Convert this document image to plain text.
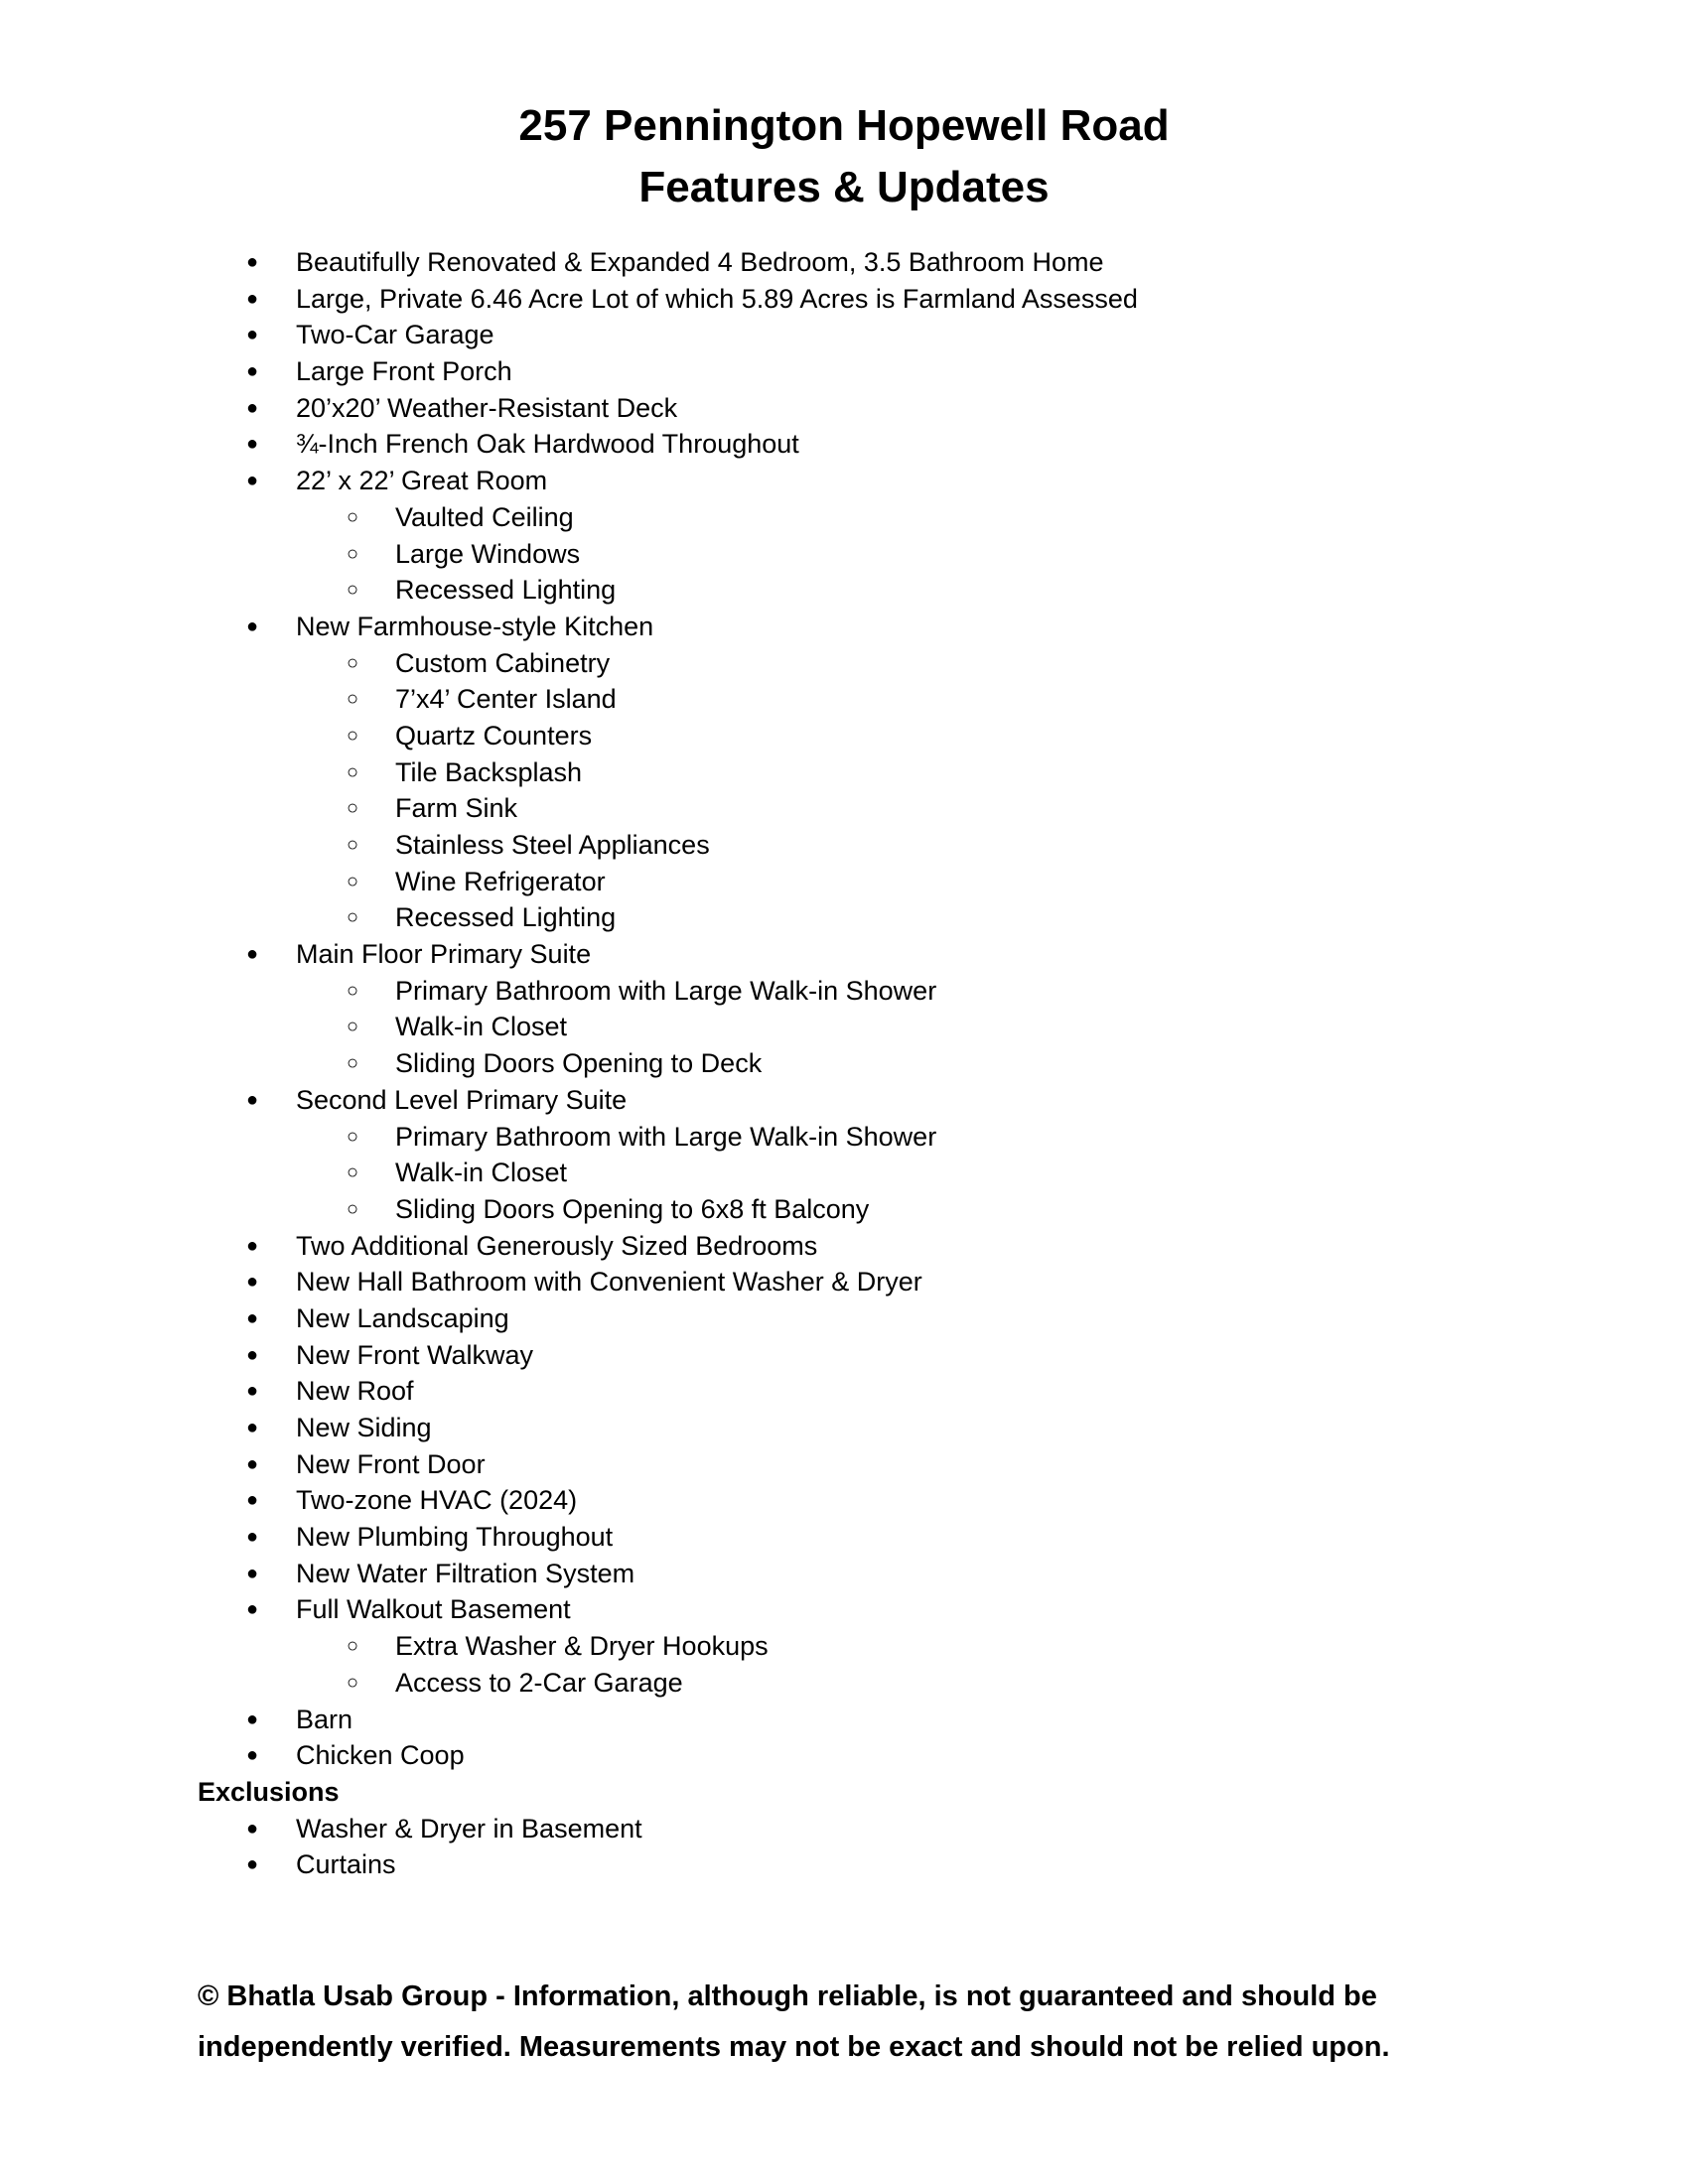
257 Pennington Hopewell Road
Features & Updates
● Beautifully Renovated & Expanded 4 Bedroom, 3.5 Bathroom Home
● Large, Private 6.46 Acre Lot of which 5.89 Acres is Farmland Assessed
● Two-Car Garage
● Large Front Porch
● 20’x20’ Weather-Resistant Deck
● ¾-Inch French Oak Hardwood Throughout
● 22’ x 22’ Great Room
○ Vaulted Ceiling
○ Large Windows
○ Recessed Lighting
● New Farmhouse-style Kitchen
○ Custom Cabinetry
○ 7’x4’ Center Island
○ Quartz Counters
○ Tile Backsplash
○ Farm Sink
○ Stainless Steel Appliances
○ Wine Refrigerator
○ Recessed Lighting
● Main Floor Primary Suite
○ Primary Bathroom with Large Walk-in Shower
○ Walk-in Closet
○ Sliding Doors Opening to Deck
● Second Level Primary Suite
○ Primary Bathroom with Large Walk-in Shower
○ Walk-in Closet
○ Sliding Doors Opening to 6x8 ft Balcony
● Two Additional Generously Sized Bedrooms
● New Hall Bathroom with Convenient Washer & Dryer
● New Landscaping
● New Front Walkway
● New Roof
● New Siding
● New Front Door
● Two-zone HVAC (2024)
● New Plumbing Throughout
● New Water Filtration System
● Full Walkout Basement
○ Extra Washer & Dryer Hookups
○ Access to 2-Car Garage
● Barn
● Chicken Coop
Exclusions
● Washer & Dryer in Basement
● Curtains
© Bhatla Usab Group - Information, although reliable, is not guaranteed and should be
independently verified. Measurements may not be exact and should not be relied upon.
